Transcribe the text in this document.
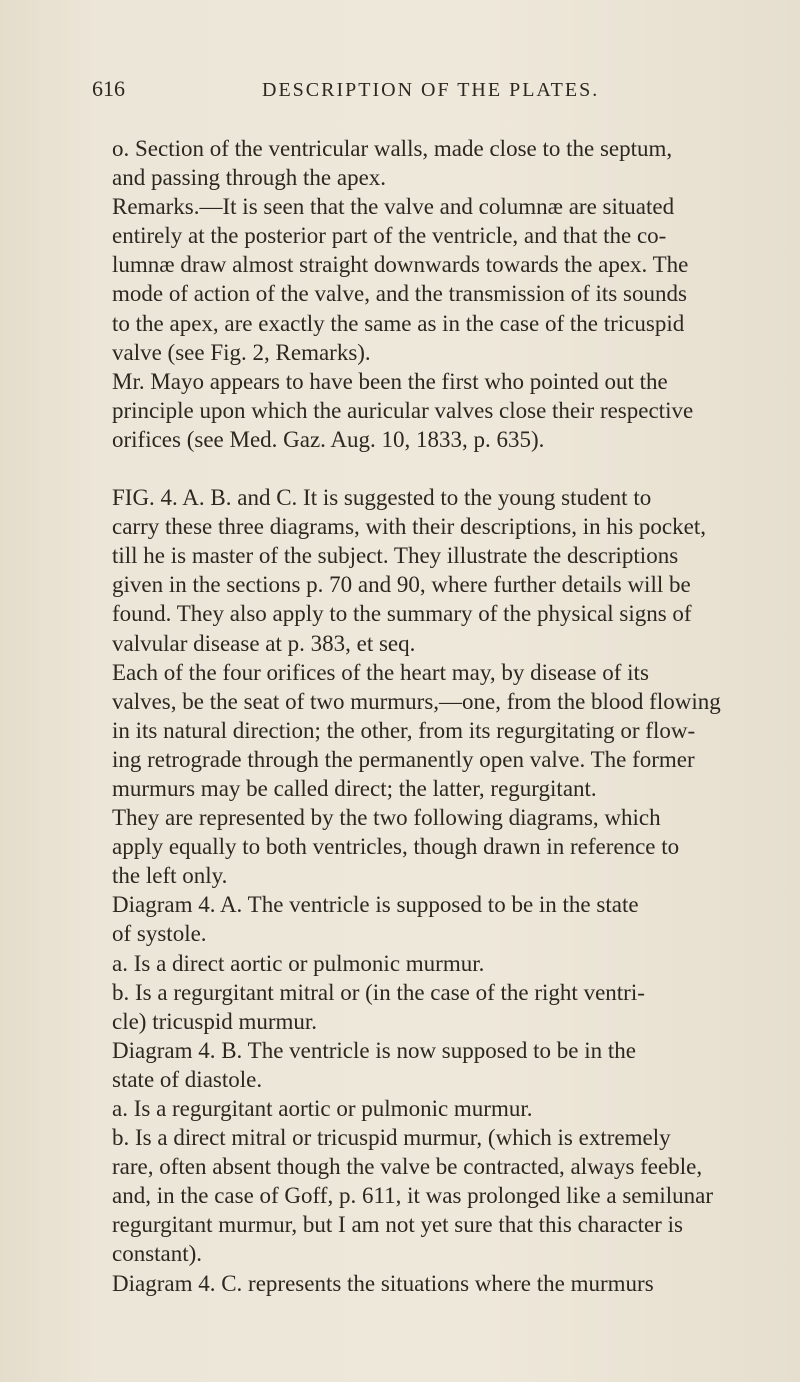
616	DESCRIPTION OF THE PLATES.

o. Section of the ventricular walls, made close to the septum,
and passing through the apex.

Remarks.—It is seen that the valve and columnæ are situated
entirely at the posterior part of the ventricle, and that the co-
lumnæ draw almost straight downwards towards the apex. The
mode of action of the valve, and the transmission of its sounds
to the apex, are exactly the same as in the case of the tricuspid
valve (see Fig. 2, Remarks).

Mr. Mayo appears to have been the first who pointed out the
principle upon which the auricular valves close their respective
orifices (see Med. Gaz. Aug. 10, 1833, p. 635).

FIG. 4. A. B. and C. It is suggested to the young student to
carry these three diagrams, with their descriptions, in his pocket,
till he is master of the subject. They illustrate the descriptions
given in the sections p. 70 and 90, where further details will be
found. They also apply to the summary of the physical signs of
valvular disease at p. 383, et seq.

Each of the four orifices of the heart may, by disease of its
valves, be the seat of two murmurs,—one, from the blood flowing
in its natural direction; the other, from its regurgitating or flow-
ing retrograde through the permanently open valve. The former
murmurs may be called direct; the latter, regurgitant.

They are represented by the two following diagrams, which
apply equally to both ventricles, though drawn in reference to
the left only.

Diagram 4. A. The ventricle is supposed to be in the state
of systole.

a. Is a direct aortic or pulmonic murmur.

b. Is a regurgitant mitral or (in the case of the right ventri-
cle) tricuspid murmur.

Diagram 4. B. The ventricle is now supposed to be in the
state of diastole.

a. Is a regurgitant aortic or pulmonic murmur.

b. Is a direct mitral or tricuspid murmur, (which is extremely
rare, often absent though the valve be contracted, always feeble,
and, in the case of Goff, p. 611, it was prolonged like a semilunar
regurgitant murmur, but I am not yet sure that this character is
constant).

Diagram 4. C. represents the situations where the murmurs
